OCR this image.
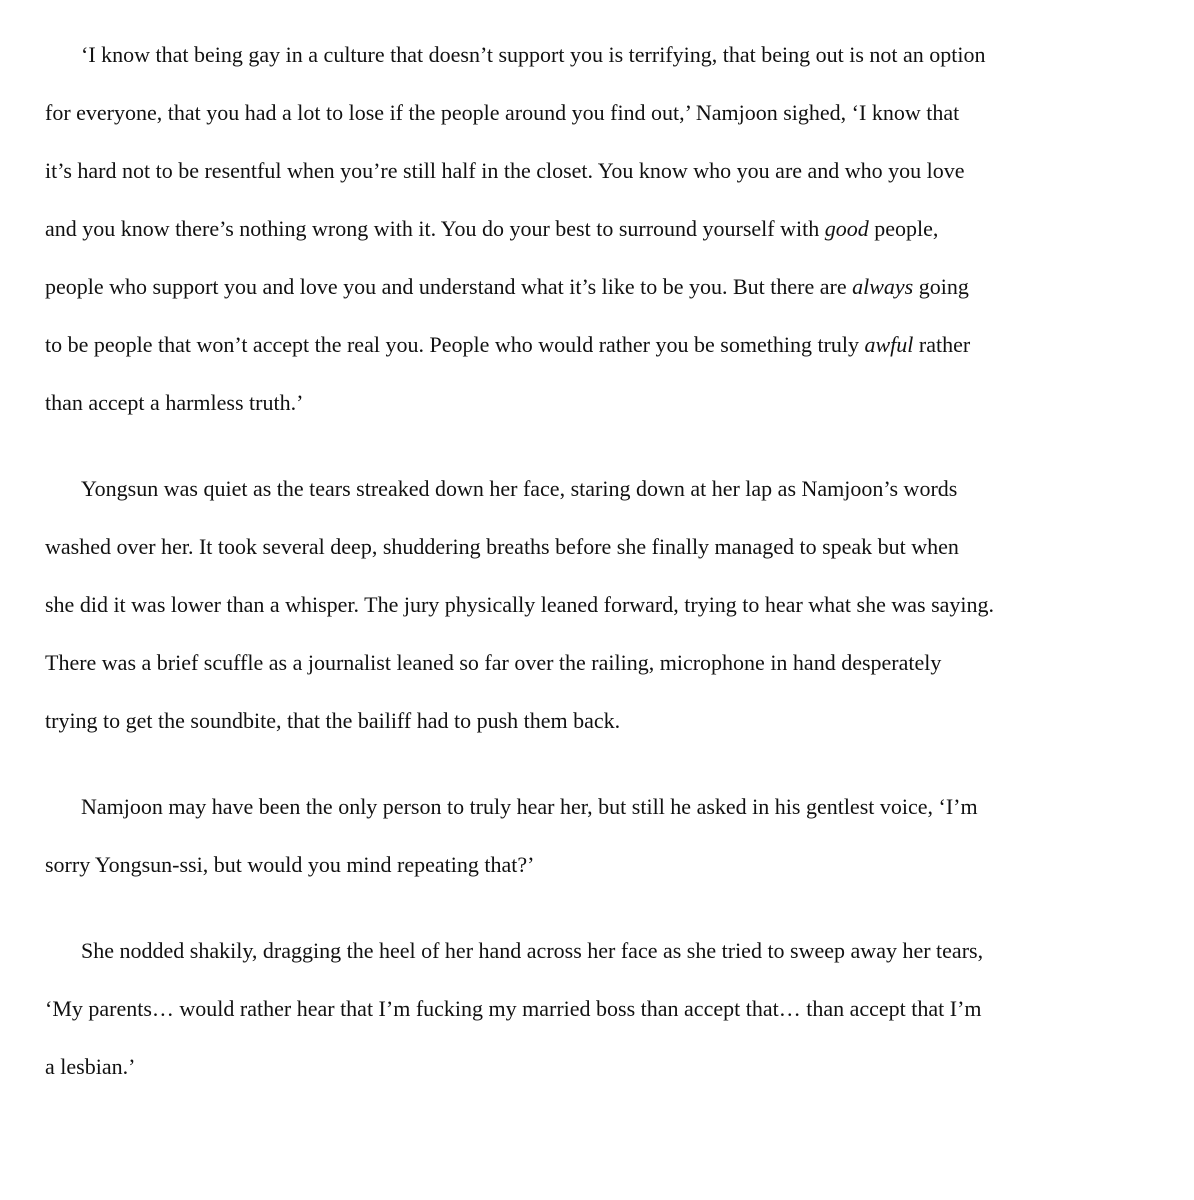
‘I know that being gay in a culture that doesn’t support you is terrifying, that being out is not an option
for everyone, that you had a lot to lose if the people around you find out,’ Namjoon sighed, ‘I know that
it’s hard not to be resentful when you’re still half in the closet. You know who you are and who you love
and you know there’s nothing wrong with it. You do your best to surround yourself with good people,
people who support you and love you and understand what it’s like to be you. But there are always going
to be people that won’t accept the real you. People who would rather you be something truly awful rather
than accept a harmless truth.’
Yongsun was quiet as the tears streaked down her face, staring down at her lap as Namjoon’s words
washed over her. It took several deep, shuddering breaths before she finally managed to speak but when
she did it was lower than a whisper. The jury physically leaned forward, trying to hear what she was saying.
There was a brief scuffle as a journalist leaned so far over the railing, microphone in hand desperately
trying to get the soundbite, that the bailiff had to push them back.
Namjoon may have been the only person to truly hear her, but still he asked in his gentlest voice, ‘I’m
sorry Yongsun-ssi, but would you mind repeating that?’
She nodded shakily, dragging the heel of her hand across her face as she tried to sweep away her tears,
‘My parents… would rather hear that I’m fucking my married boss than accept that… than accept that I’m
a lesbian.’
